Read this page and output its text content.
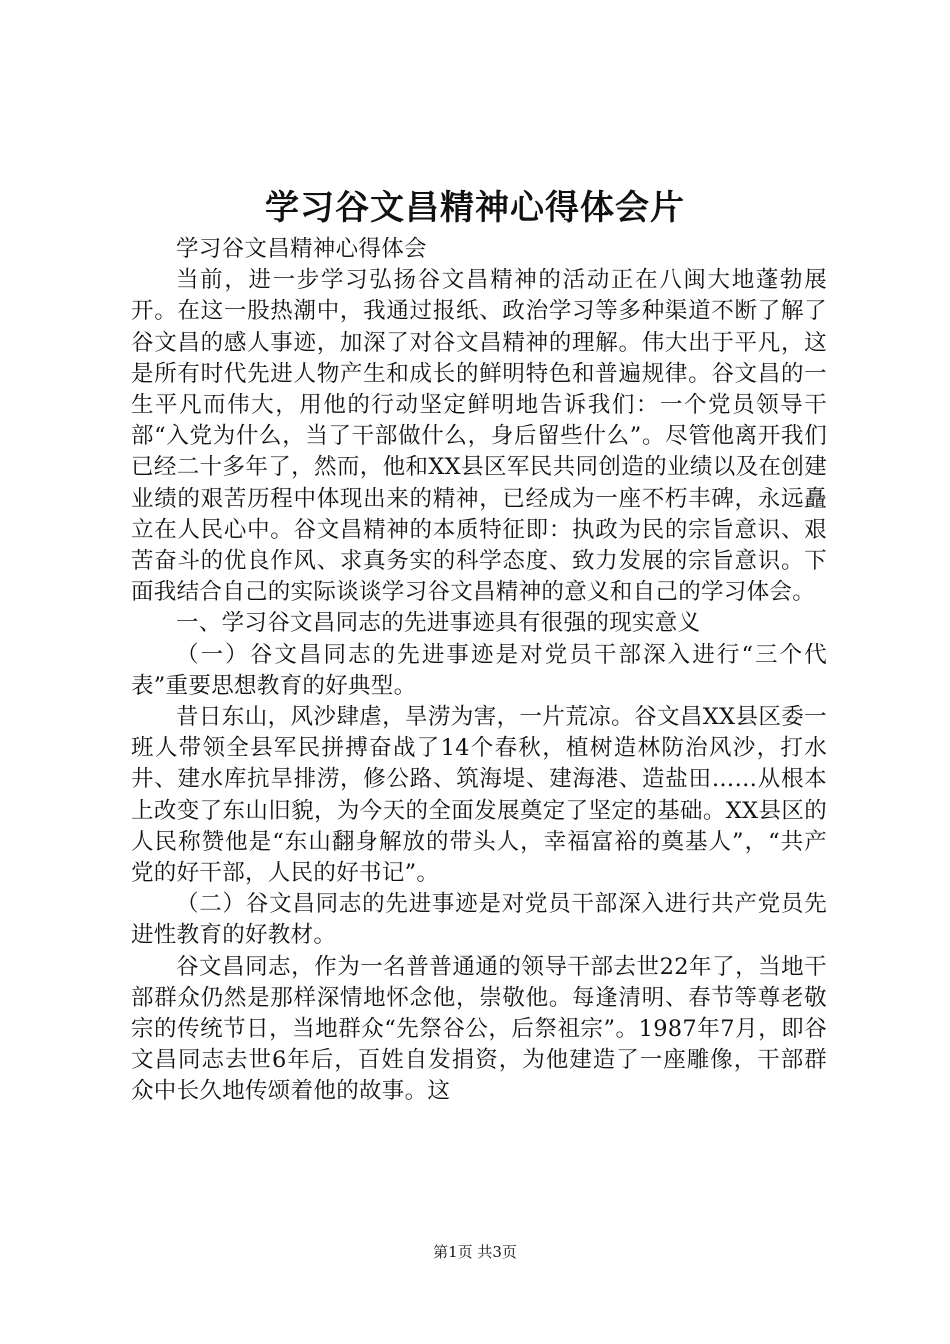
学习谷文昌精神心得体会片

学习谷文昌精神心得体会

当前，进一步学习弘扬谷文昌精神的活动正在八闽大地蓬勃展开。在这一股热潮中，我通过报纸、政治学习等多种渠道不断了解了谷文昌的感人事迹，加深了对谷文昌精神的理解。伟大出于平凡，这是所有时代先进人物产生和成长的鲜明特色和普遍规律。谷文昌的一生平凡而伟大，用他的行动坚定鲜明地告诉我们：一个党员领导干部“入党为什么，当了干部做什么，身后留些什么”。尽管他离开我们已经二十多年了，然而，他和XX县区军民共同创造的业绩以及在创建业绩的艰苦历程中体现出来的精神，已经成为一座不朽丰碑，永远矗立在人民心中。谷文昌精神的本质特征即：执政为民的宗旨意识、艰苦奋斗的优良作风、求真务实的科学态度、致力发展的宗旨意识。下面我结合自己的实际谈谈学习谷文昌精神的意义和自己的学习体会。

一、学习谷文昌同志的先进事迹具有很强的现实意义

（一）谷文昌同志的先进事迹是对党员干部深入进行“三个代表”重要思想教育的好典型。

昔日东山，风沙肆虐，旱涝为害，一片荒凉。谷文昌XX县区委一班人带领全县军民拼搏奋战了14个春秋，植树造林防治风沙，打水井、建水库抗旱排涝，修公路、筑海堤、建海港、造盐田……从根本上改变了东山旧貌，为今天的全面发展奠定了坚定的基础。XX县区的人民称赞他是“东山翻身解放的带头人，幸福富裕的奠基人”，“共产党的好干部，人民的好书记”。

（二）谷文昌同志的先进事迹是对党员干部深入进行共产党员先进性教育的好教材。

谷文昌同志，作为一名普普通通的领导干部去世22年了，当地干部群众仍然是那样深情地怀念他，崇敬他。每逢清明、春节等尊老敬宗的传统节日，当地群众“先祭谷公，后祭祖宗”。1987年7月，即谷文昌同志去世6年后，百姓自发捐资，为他建造了一座雕像，干部群众中长久地传颂着他的故事。这

第1页 共3页
